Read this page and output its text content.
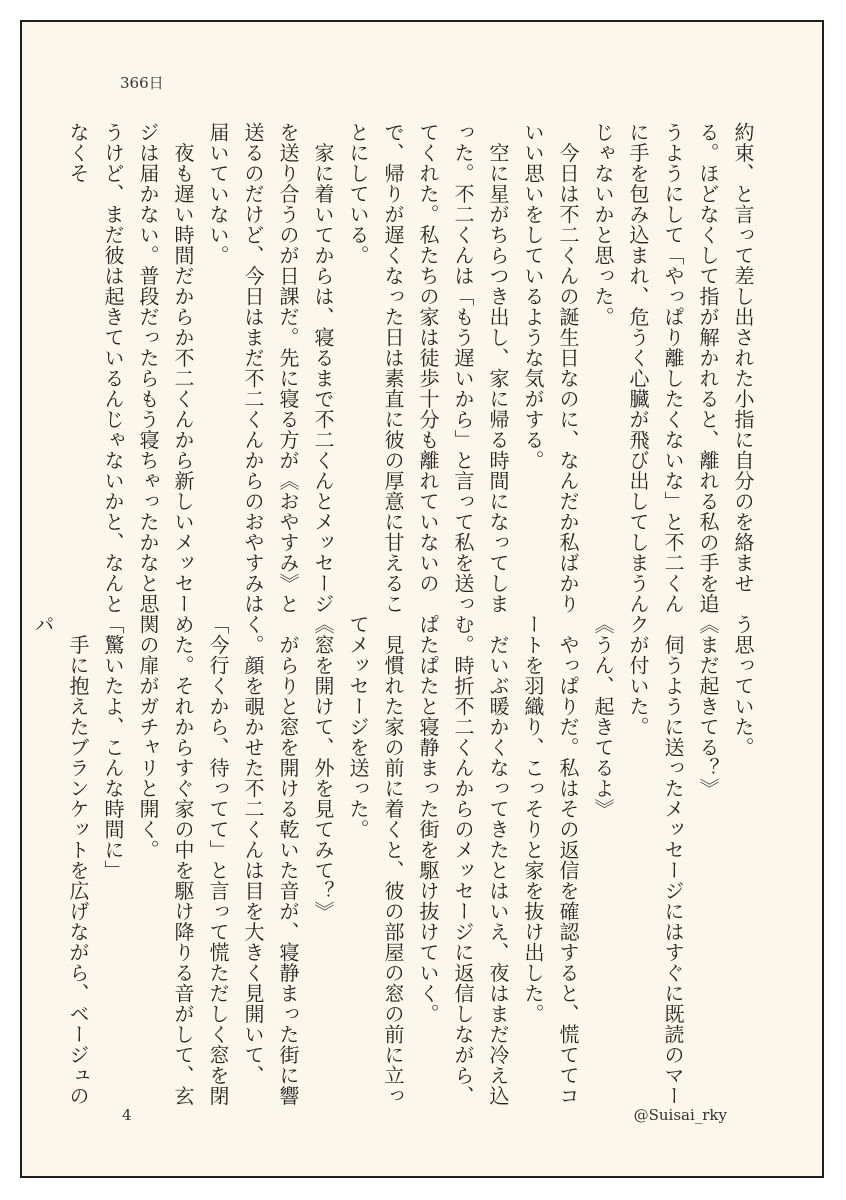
366日

約束、と言って差し出された小指に自分のを絡ませる。ほどなくして指が解かれると、離れる私の手を追うようにして「やっぱり離したくないな」と不二くんに手を包み込まれ、危うく心臓が飛び出してしまうんじゃないかと思った。

　今日は不二くんの誕生日なのに、なんだか私ばかりいい思いをしているような気がする。

　空に星がちらつき出し、家に帰る時間になってしまった。不二くんは「もう遅いから」と言って私を送ってくれた。私たちの家は徒歩十分も離れていないので、帰りが遅くなった日は素直に彼の厚意に甘えることにしている。

　家に着いてからは、寝るまで不二くんとメッセージを送り合うのが日課だ。先に寝る方が《おやすみ》と送るのだけど、今日はまだ不二くんからのおやすみは届いていない。

　夜も遅い時間だからか不二くんから新しいメッセージは届かない。普段だったらもう寝ちゃったかなと思うけど、まだ彼は起きているんじゃないかと、なんとなくそ

う思っていた。

《まだ起きてる？》

　伺うように送ったメッセージにはすぐに既読のマークが付いた。

《うん、起きてるよ》

　やっぱりだ。私はその返信を確認すると、慌ててコートを羽織り、こっそりと家を抜け出した。

　だいぶ暖かくなってきたとはいえ、夜はまだ冷え込む。時折不二くんからのメッセージに返信しながら、ぱたぱたと寝静まった街を駆け抜けていく。

　見慣れた家の前に着くと、彼の部屋の窓の前に立ってメッセージを送った。

《窓を開けて、外を見てみて？》

　がらりと窓を開ける乾いた音が、寝静まった街に響く。顔を覗かせた不二くんは目を大きく見開いて、「今行くから、待ってて」と言って慌ただしく窓を閉めた。それからすぐ家の中を駆け降りる音がして、玄関の扉がガチャリと開く。

「驚いたよ、こんな時間に」

　手に抱えたブランケットを広げながら、ベージュのパ

4	@Suisai_rky
